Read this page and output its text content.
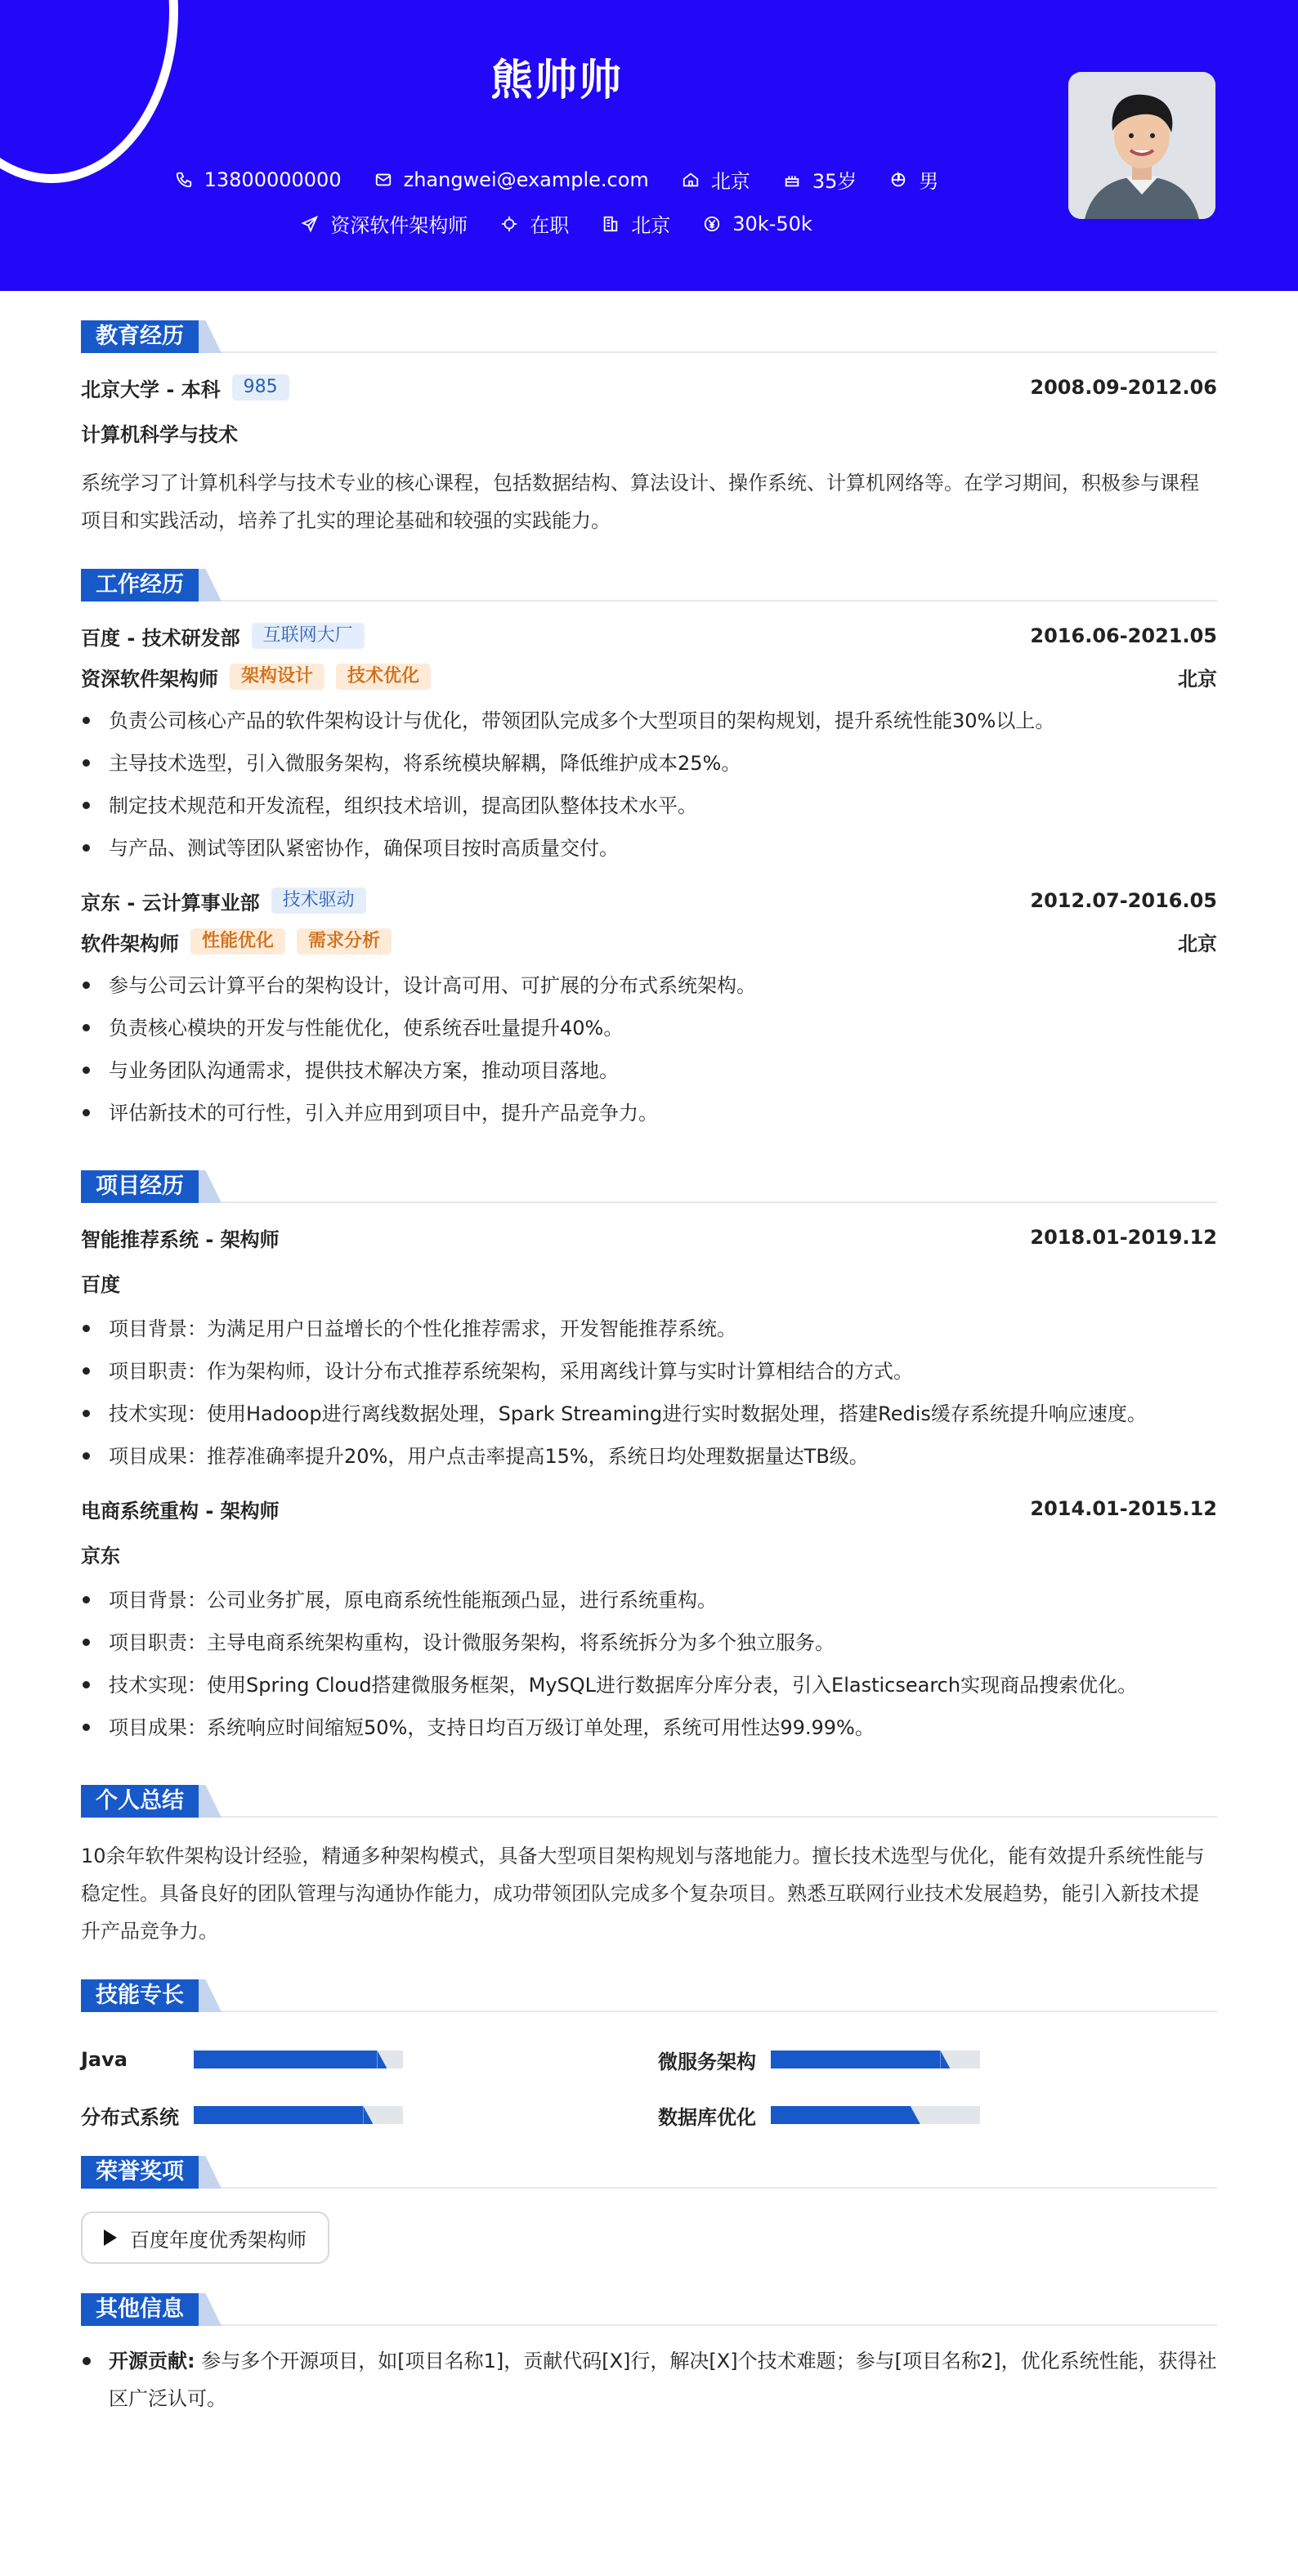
熊帅帅
13800000000	zhangwei@example.com	北京	35岁	男
资深软件架构师	在职	北京	30k-50k
教育经历
北京大学 - 本科	985	2008.09-2012.06
计算机科学与技术
系统学习了计算机科学与技术专业的核心课程，包括数据结构、算法设计、操作系统、计算机网络等。在学习期间，积极参与课程项目和实践活动，培养了扎实的理论基础和较强的实践能力。
工作经历
百度 - 技术研发部	互联网大厂	2016.06-2021.05
资深软件架构师	架构设计	技术优化	北京
负责公司核心产品的软件架构设计与优化，带领团队完成多个大型项目的架构规划，提升系统性能30%以上。
主导技术选型，引入微服务架构，将系统模块解耦，降低维护成本25%。
制定技术规范和开发流程，组织技术培训，提高团队整体技术水平。
与产品、测试等团队紧密协作，确保项目按时高质量交付。
京东 - 云计算事业部	技术驱动	2012.07-2016.05
软件架构师	性能优化	需求分析	北京
参与公司云计算平台的架构设计，设计高可用、可扩展的分布式系统架构。
负责核心模块的开发与性能优化，使系统吞吐量提升40%。
与业务团队沟通需求，提供技术解决方案，推动项目落地。
评估新技术的可行性，引入并应用到项目中，提升产品竞争力。
项目经历
智能推荐系统 - 架构师	2018.01-2019.12
百度
项目背景：为满足用户日益增长的个性化推荐需求，开发智能推荐系统。
项目职责：作为架构师，设计分布式推荐系统架构，采用离线计算与实时计算相结合的方式。
技术实现：使用Hadoop进行离线数据处理，Spark Streaming进行实时数据处理，搭建Redis缓存系统提升响应速度。
项目成果：推荐准确率提升20%，用户点击率提高15%，系统日均处理数据量达TB级。
电商系统重构 - 架构师	2014.01-2015.12
京东
项目背景：公司业务扩展，原电商系统性能瓶颈凸显，进行系统重构。
项目职责：主导电商系统架构重构，设计微服务架构，将系统拆分为多个独立服务。
技术实现：使用Spring Cloud搭建微服务框架，MySQL进行数据库分库分表，引入Elasticsearch实现商品搜索优化。
项目成果：系统响应时间缩短50%，支持日均百万级订单处理，系统可用性达99.99%。
个人总结
10余年软件架构设计经验，精通多种架构模式，具备大型项目架构规划与落地能力。擅长技术选型与优化，能有效提升系统性能与稳定性。具备良好的团队管理与沟通协作能力，成功带领团队完成多个复杂项目。熟悉互联网行业技术发展趋势，能引入新技术提升产品竞争力。
技能专长
Java	微服务架构
分布式系统	数据库优化
荣誉奖项
百度年度优秀架构师
其他信息
开源贡献: 参与多个开源项目，如[项目名称1]，贡献代码[X]行，解决[X]个技术难题；参与[项目名称2]，优化系统性能，获得社区广泛认可。
